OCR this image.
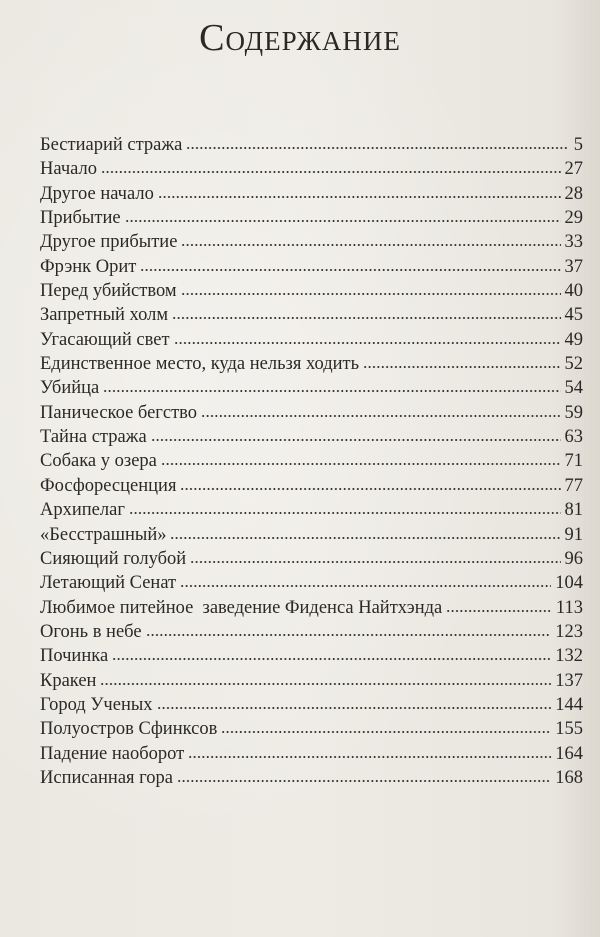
Содержание
Бестиарий стража	5
Начало	27
Другое начало	28
Прибытие	29
Другое прибытие	33
Фрэнк Орит	37
Перед убийством	40
Запретный холм	45
Угасающий свет	49
Единственное место, куда нельзя ходить	52
Убийца	54
Паническое бегство	59
Тайна стража	63
Собака у озера	71
Фосфоресценция	77
Архипелаг	81
«Бесстрашный»	91
Сияющий голубой	96
Летающий Сенат	104
Любимое питейное  заведение Фиденса Найтхэнда	113
Огонь в небе	123
Починка	132
Кракен	137
Город Ученых	144
Полуостров Сфинксов	155
Падение наоборот	164
Исписанная гора	168
